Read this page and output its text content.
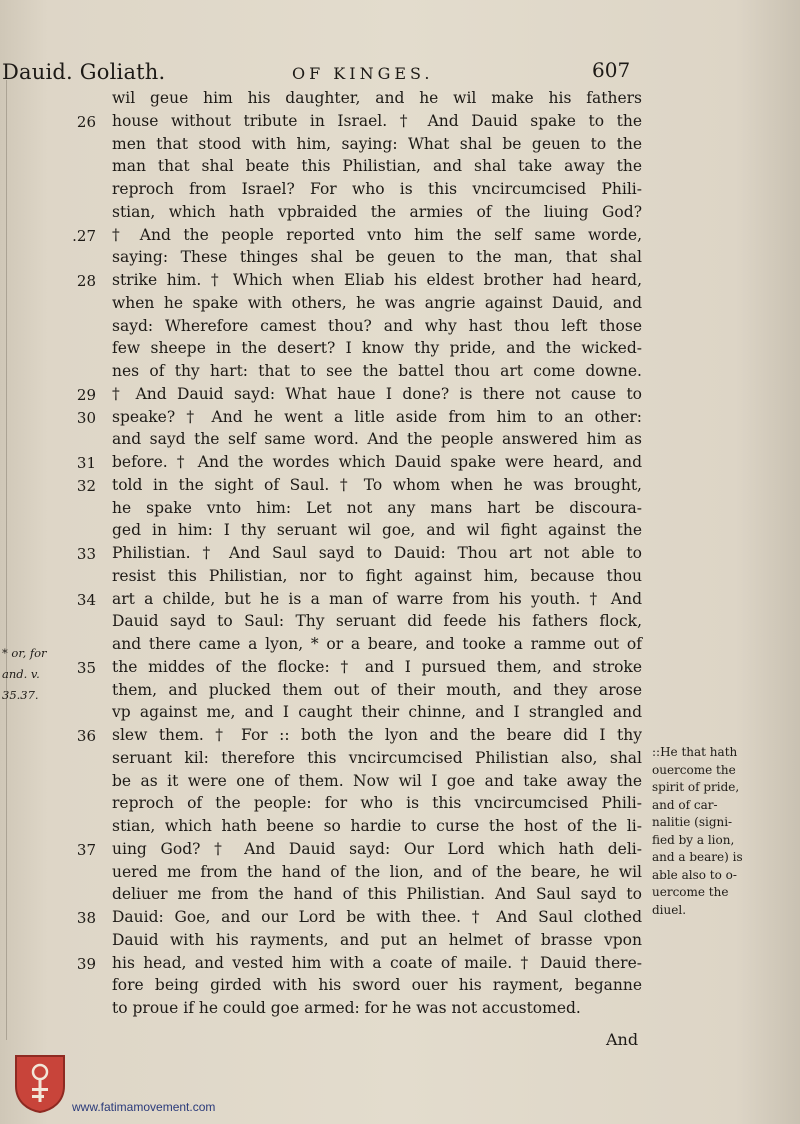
Dauid. Goliath.	OF KINGES.	607
wil geue him his daughter, and he wil make his fathers
26 house without tribute in Israel. † And Dauid spake to the
men that stood with him, saying: What shal be geuen to the
man that shal beate this Philistian, and shal take away the
reproch from Israel? For who is this vncircumcised Phili-
stian, which hath vpbraided the armies of the liuing God?
.27 † And the people reported vnto him the self same worde,
saying: These thinges shal be geuen to the man, that shal
28 strike him. † Which when Eliab his eldest brother had heard,
when he spake with others, he was angrie against Dauid, and
sayd: Wherefore camest thou? and why hast thou left those
few sheepe in the desert? I know thy pride, and the wicked-
nes of thy hart: that to see the battel thou art come downe.
29 † And Dauid sayd: What haue I done? is there not cause to
30 speake? † And he went a litle aside from him to an other:
and sayd the self same word. And the people answered him as
31 before. † And the wordes which Dauid spake were heard, and
32 told in the sight of Saul. † To whom when he was brought,
he spake vnto him: Let not any mans hart be discoura-
ged in him: I thy seruant wil goe, and wil fight against the
33 Philistian. † And Saul sayd to Dauid: Thou art not able to
resist this Philistian, nor to fight against him, because thou
34 art a childe, but he is a man of warre from his youth. † And
Dauid sayd to Saul: Thy seruant did feede his fathers flock,
and there came a lyon, * or a beare, and tooke a ramme out of
35 the middes of the flocke: † and I pursued them, and stroke
them, and plucked them out of their mouth, and they arose
vp against me, and I caught their chinne, and I strangled and
36 slew them. † For :: both the lyon and the beare did I thy
seruant kil: therefore this vncircumcised Philistian also, shal
be as it were one of them. Now wil I goe and take away the
reproch of the people: for who is this vncircumcised Phili-
stian, which hath beene so hardie to curse the host of the li-
37 uing God? † And Dauid sayd: Our Lord which hath deli-
uered me from the hand of the lion, and of the beare, he wil
deliuer me from the hand of this Philistian. And Saul sayd to
38 Dauid: Goe, and our Lord be with thee. † And Saul clothed
Dauid with his rayments, and put an helmet of brasse vpon
39 his head, and vested him with a coate of maile. † Dauid there-
fore being girded with his sword ouer his rayment, beganne
to proue if he could goe armed: for he was not accustomed.
* or, for
and. v.
35.37.
::He that hath
ouercome the
spirit of pride,
and of car-
nalitie (signi-
fied by a lion,
and a beare) is
able also to o-
uercome the
diuel.
And
www.fatimamovement.com
